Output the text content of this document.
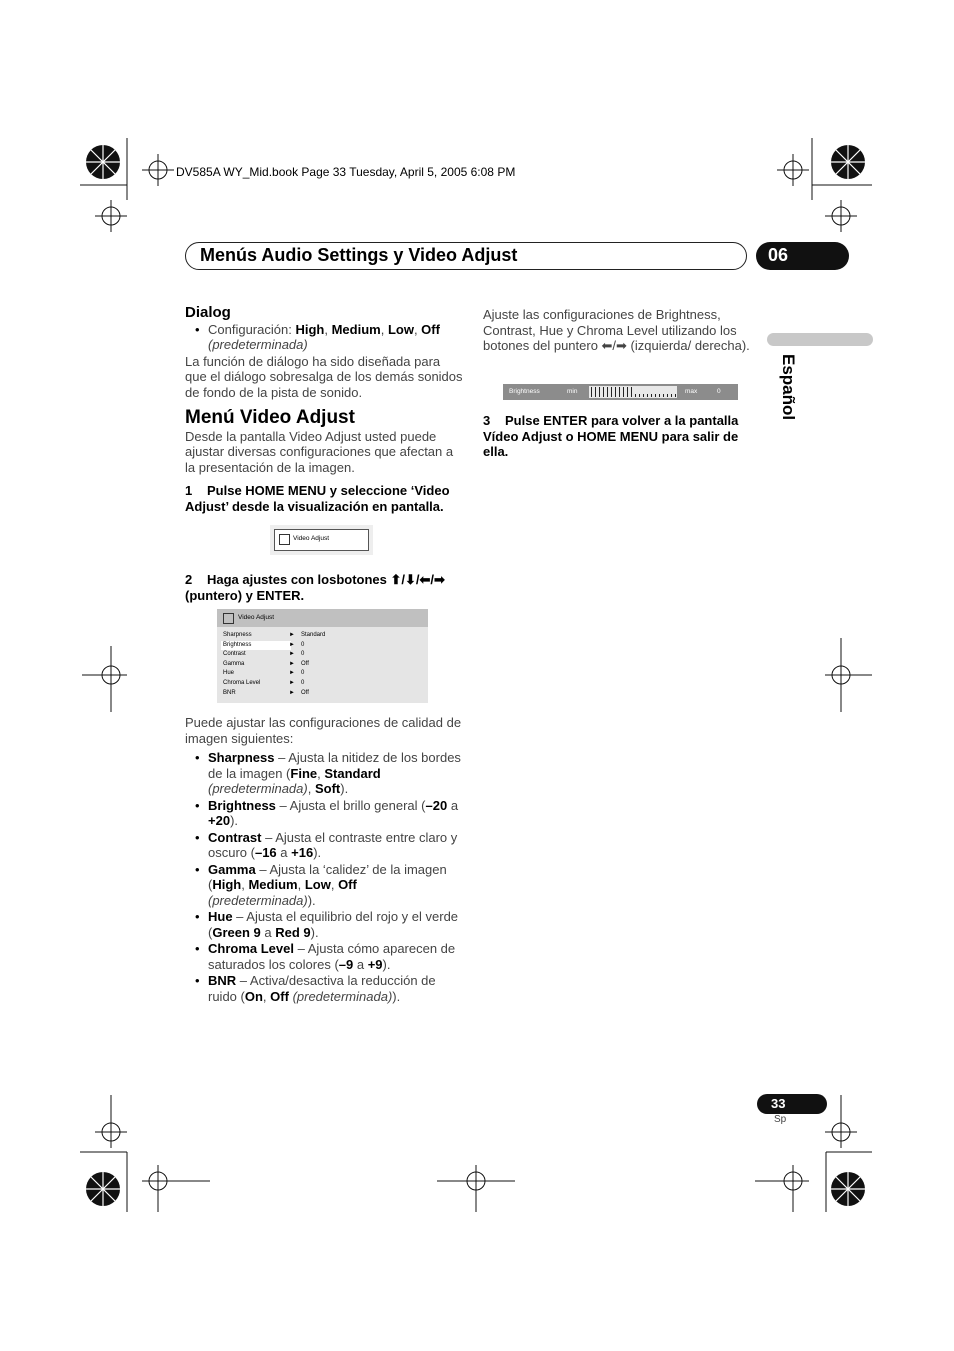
DV585A WY_Mid.book Page 33 Tuesday, April 5, 2005 6:08 PM
Menús Audio Settings y Video Adjust	06
Español
Dialog
• Configuración: High, Medium, Low, Off (predeterminada)

La función de diálogo ha sido diseñada para que el diálogo sobresalga de los demás sonidos de fondo de la pista de sonido.

Menú Video Adjust

Desde la pantalla Video Adjust usted puede ajustar diversas configuraciones que afectan a la presentación de la imagen.

1 Pulse HOME MENU y seleccione ‘Video Adjust’ desde la visualización en pantalla.
Video Adjust
2 Haga ajustes con losbotones ⬆/⬇/⬅/➡ (puntero) y ENTER.
Video Adjust
Sharpness	► Standard
Brightness	► 0
Contrast	► 0
Gamma	► Off
Hue	► 0
Chroma Level	► 0
BNR	► Off

Puede ajustar las configuraciones de calidad de imagen siguientes:

• Sharpness – Ajusta la nitidez de los bordes de la imagen (Fine, Standard (predeterminada), Soft).
• Brightness – Ajusta el brillo general (–20 a +20).
• Contrast – Ajusta el contraste entre claro y oscuro (–16 a +16).
• Gamma – Ajusta la ‘calidez’ de la imagen (High, Medium, Low, Off (predeterminada)).
• Hue – Ajusta el equilibrio del rojo y el verde (Green 9 a Red 9).
• Chroma Level – Ajusta cómo aparecen de saturados los colores (–9 a +9).
• BNR – Activa/desactiva la reducción de ruido (On, Off (predeterminada)).

Ajuste las configuraciones de Brightness, Contrast, Hue y Chroma Level utilizando los botones del puntero ⬅/➡ (izquierda/ derecha).

Brightness	min	max	0
3 Pulse ENTER para volver a la pantalla Vídeo Adjust o HOME MENU para salir de ella.
33
Sp
